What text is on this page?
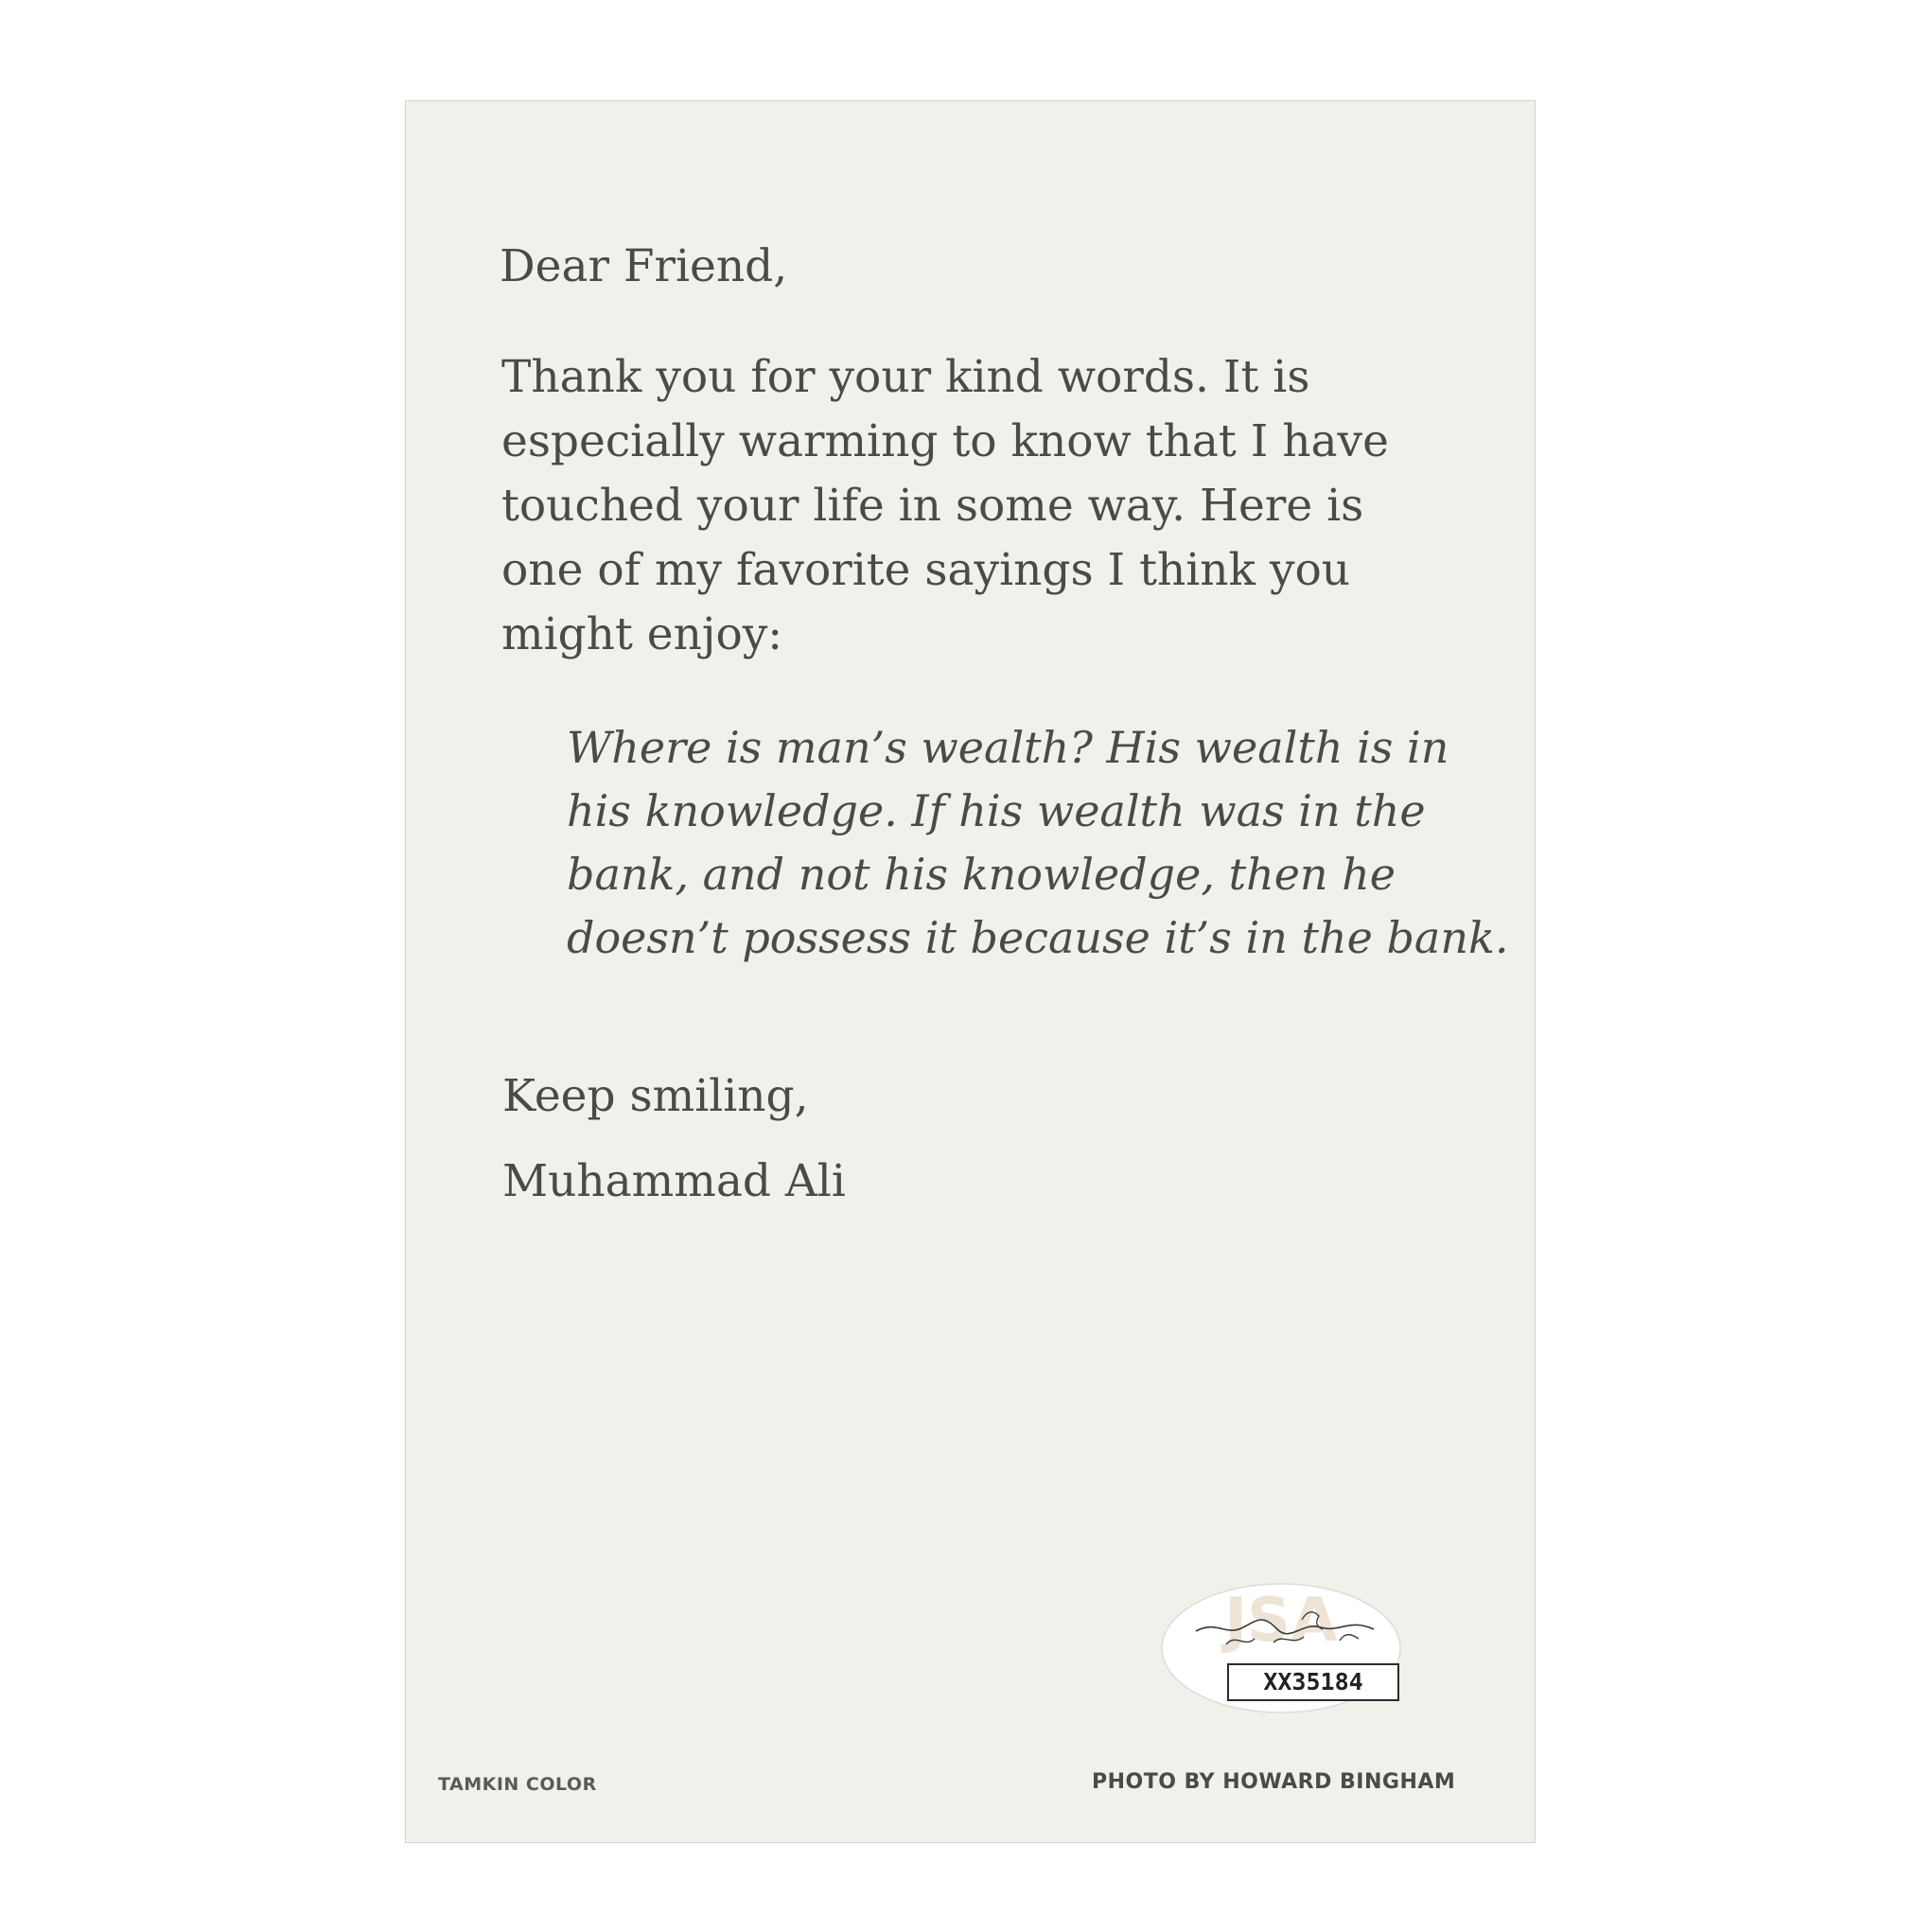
Dear Friend,

Thank you for your kind words. It is
especially warming to know that I have
touched your life in some way. Here is
one of my favorite sayings I think you
might enjoy:

Where is man’s wealth? His wealth is in
his knowledge. If his wealth was in the
bank, and not his knowledge, then he
doesn’t possess it because it’s in the bank.

Keep smiling,

Muhammad Ali

JSA
XX35184
TAMKIN COLOR	PHOTO BY HOWARD BINGHAM
